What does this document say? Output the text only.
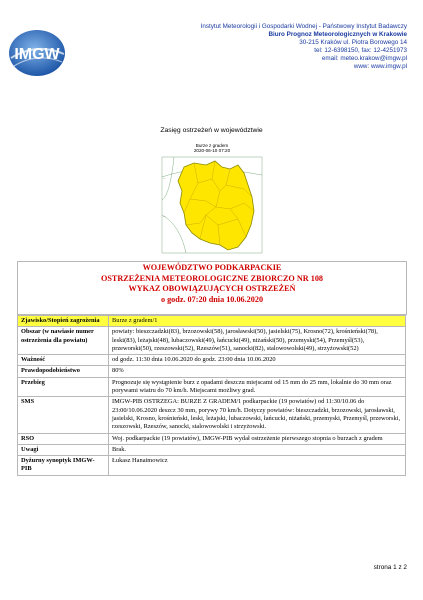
IMGW
Instytut Meteorologii i Gospodarki Wodnej - Państwowy Instytut Badawczy
Biuro Prognoz Meteorologicznych w Krakowie
30-215 Kraków ul. Piotra Borowego 14
tel: 12-6398150, fax: 12-4251973
email: meteo.krakow@imgw.pl
www: www.imgw.pl
Zasięg ostrzeżeń w województwie
Burze z gradem
2020-06-10 07:20
—
—
WOJEWÓDZTWO PODKARPACKIE
OSTRZEŻENIA METEOROLOGICZNE ZBIORCZO NR 108
WYKAZ OBOWIĄZUJĄCYCH OSTRZEŻEŃ
o godz. 07:20 dnia 10.06.2020
Zjawisko/Stopień zagrożenia	Burze z gradem/1
Obszar (w nawiasie numer ostrzeżenia dla powiatu)	powiaty: bieszczadzki(83), brzozowski(58), jarosławski(50), jasielski(75), Krosno(72), krośnieński(78), leski(83), leżajski(48), lubaczowski(49), łańcucki(49), niżański(50), przemyski(54), Przemyśl(53), przeworski(50), rzeszowski(52), Rzeszów(51), sanocki(82), stalowowolski(49), strzyżowski(52)
Ważność	od godz. 11:30 dnia 10.06.2020 do godz. 23:00 dnia 10.06.2020
Prawdopodobieństwo	80%
Przebieg	Prognozuje się wystąpienie burz z opadami deszczu miejscami od 15 mm do 25 mm, lokalnie do 30 mm oraz porywami wiatru do 70 km/h. Miejscami możliwy grad.
SMS	IMGW-PIB OSTRZEGA: BURZE Z GRADEM/1 podkarpackie (19 powiatów) od 11:30/10.06 do 23:00/10.06.2020 deszcz 30 mm, porywy 70 km/h. Dotyczy powiatów: bieszczadzki, brzozowski, jarosławski, jasielski, Krosno, krośnieński, leski, leżajski, lubaczowski, łańcucki, niżański, przemyski, Przemyśl, przeworski, rzeszowski, Rzeszów, sanocki, stalowowolski i strzyżowski.
RSO	Woj. podkarpackie (19 powiatów), IMGW-PIB wydał ostrzeżenie pierwszego stopnia o burzach z gradem
Uwagi	Brak.
Dyżurny synoptyk IMGW-PIB	Łukasz Hanaimowicz
strona 1 z 2
